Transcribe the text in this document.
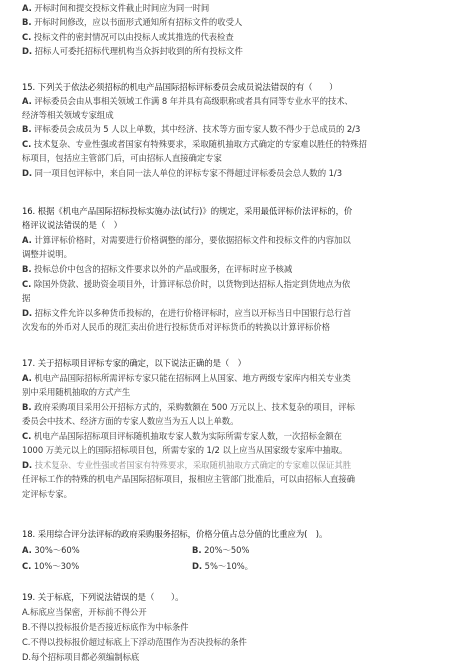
A. 开标时间和提交投标文件截止时间应为同一时间
B. 开标时间修改，应以书面形式通知所有招标文件的收受人
C. 投标文件的密封情况可以由投标人或其推选的代表检查
D. 招标人可委托招标代理机构当众拆封收到的所有投标文件
15. 下列关于依法必须招标的机电产品国际招标评标委员会成员说法错误的有（　　）
A. 评标委员会由从事相关领域工作满 8 年并具有高级职称或者具有同等专业水平的技术、
经济等相关领域专家组成
B. 评标委员会成员为 5 人以上单数，其中经济、技术等方面专家人数不得少于总成员的 2/3
C. 技术复杂、专业性强或者国家有特殊要求，采取随机抽取方式确定的专家难以胜任的特殊招
标项目，包括应主管部门后，可由招标人直接确定专家
D. 同一项目包评标中，来自同一法人单位的评标专家不得超过评标委员会总人数的 1/3
16. 根据《机电产品国际招标投标实施办法(试行)》的规定，采用最低评标价法评标的，价
格评议说法错误的是（　）
A. 计算评标价格时，对需要进行价格调整的部分，要依据招标文件和投标文件的内容加以
调整并说明。
B. 投标总价中包含的招标文件要求以外的产品或服务，在评标时应予核减
C. 除国外贷款、援助资金项目外，计算评标总价时，以货物到达招标人指定到货地点为依
据
D. 招标文件允许以多种货币投标的，在进行价格评标时，应当以开标当日中国银行总行首
次发布的外币对人民币的现汇卖出价进行投标货币对评标货币的转换以计算评标价格
17. 关于招标项目评标专家的确定，以下说法正确的是（　）
A. 机电产品国际招标所需评标专家只能在招标网上从国家、地方两级专家库内相关专业类
别中采用随机抽取的方式产生
B. 政府采购项目采用公开招标方式的，采购数额在 500 万元以上、技术复杂的项目，评标
委员会中技术、经济方面的专家人数应当为五人以上单数。
C. 机电产品国际招标项目评标随机抽取专家人数为实际所需专家人数，一次招标金额在
1000 万美元以上的国际招标项目包，所需专家的 1/2 以上应当从国家级专家库中抽取。
D. 技术复杂、专业性强或者国家有特殊要求，采取随机抽取方式确定的专家难以保证其胜
任评标工作的特殊的机电产品国际招标项目，报相应主管部门批准后，可以由招标人直接确
定评标专家。
18. 采用综合评分法评标的政府采购服务招标，价格分值占总分值的比重应为(　)。
A. 30%～60%	B. 20%～50%
C. 10%～30%	D. 5%～10%。
19. 关于标底，下列说法错误的是（　　）。
A.标底应当保密，开标前不得公开
B.不得以投标报价是否接近标底作为中标条件
C.不得以投标报价超过标底上下浮动范围作为否决投标的条件
D.每个招标项目都必须编制标底
